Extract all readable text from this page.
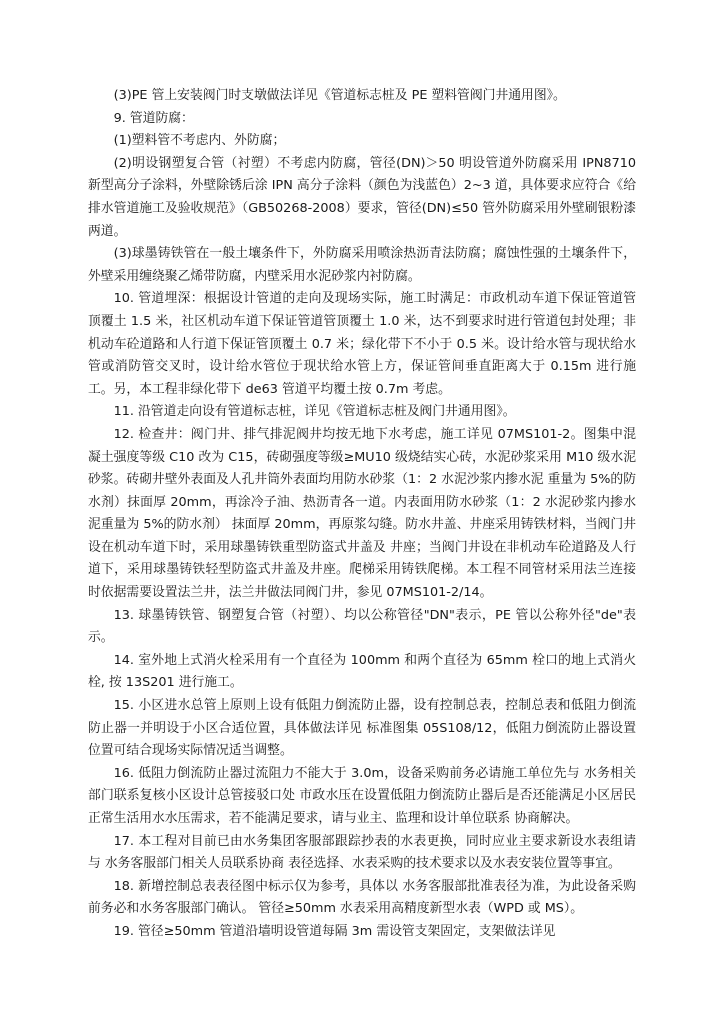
(3)PE 管上安装阀门时支墩做法详见《管道标志桩及 PE 塑料管阀门井通用图》。

9. 管道防腐：

(1)塑料管不考虑内、外防腐；

(2)明设钢塑复合管（衬塑）不考虑内防腐，管径(DN)＞50 明设管道外防腐采用 IPN8710 新型高分子涂料，外壁除锈后涂 IPN 高分子涂料（颜色为浅蓝色）2~3 道，具体要求应符合《给排水管道施工及验收规范》（GB50268-2008）要求，管径(DN)≤50 管外防腐采用外壁刷银粉漆两道。

(3)球墨铸铁管在一般土壤条件下，外防腐采用喷涂热沥青法防腐；腐蚀性强的土壤条件下，外壁采用缠绕聚乙烯带防腐，内壁采用水泥砂浆内衬防腐。

10. 管道埋深：根据设计管道的走向及现场实际，施工时满足：市政机动车道下保证管道管顶覆土 1.5 米，社区机动车道下保证管道管顶覆土 1.0 米，达不到要求时进行管道包封处理；非机动车砼道路和人行道下保证管顶覆土 0.7 米；绿化带下不小于 0.5 米。设计给水管与现状给水管或消防管交叉时，设计给水管位于现状给水管上方，保证管间垂直距离大于 0.15m 进行施工。另，本工程非绿化带下 de63 管道平均覆土按 0.7m 考虑。

11. 沿管道走向设有管道标志桩，详见《管道标志桩及阀门井通用图》。

12. 检查井：阀门井、排气排泥阀井均按无地下水考虑，施工详见 07MS101-2。图集中混凝土强度等级 C10 改为 C15，砖砌强度等级≥MU10 级烧结实心砖，水泥砂浆采用 M10 级水泥砂浆。砖砌井壁外表面及人孔井筒外表面均用防水砂浆（1：2 水泥沙浆内掺水泥 重量为 5%的防水剂）抹面厚 20mm，再涂冷子油、热沥青各一道。内表面用防水砂浆（1：2 水泥砂浆内掺水泥重量为 5%的防水剂） 抹面厚 20mm，再原浆勾缝。防水井盖、井座采用铸铁材料，当阀门井设在机动车道下时，采用球墨铸铁重型防盗式井盖及 井座；当阀门井设在非机动车砼道路及人行道下，采用球墨铸铁轻型防盗式井盖及井座。爬梯采用铸铁爬梯。本工程不同管材采用法兰连接时依据需要设置法兰井，法兰井做法同阀门井，参见 07MS101-2/14。

13. 球墨铸铁管、钢塑复合管（衬塑）、均以公称管径"DN"表示，PE 管以公称外径"de"表示。

14. 室外地上式消火栓采用有一个直径为 100mm 和两个直径为 65mm 栓口的地上式消火栓, 按 13S201 进行施工。

15. 小区进水总管上原则上设有低阻力倒流防止器，设有控制总表，控制总表和低阻力倒流防止器一并明设于小区合适位置，具体做法详见 标准图集 05S108/12，低阻力倒流防止器设置位置可结合现场实际情况适当调整。

16. 低阻力倒流防止器过流阻力不能大于 3.0m，设备采购前务必请施工单位先与 水务相关部门联系复核小区设计总管接驳口处 市政水压在设置低阻力倒流防止器后是否还能满足小区居民正常生活用水水压需求，若不能满足要求，请与业主、监理和设计单位联系 协商解决。

17. 本工程对目前已由水务集团客服部跟踪抄表的水表更换，同时应业主要求新设水表组请与 水务客服部门相关人员联系协商 表径选择、水表采购的技术要求以及水表安装位置等事宜。

18. 新增控制总表表径图中标示仅为参考，具体以 水务客服部批准表径为准，为此设备采购前务必和水务客服部门确认。 管径≥50mm 水表采用高精度新型水表（WPD 或 MS）。

19. 管径≥50mm 管道沿墙明设管道每隔 3m 需设管支架固定，支架做法详见
